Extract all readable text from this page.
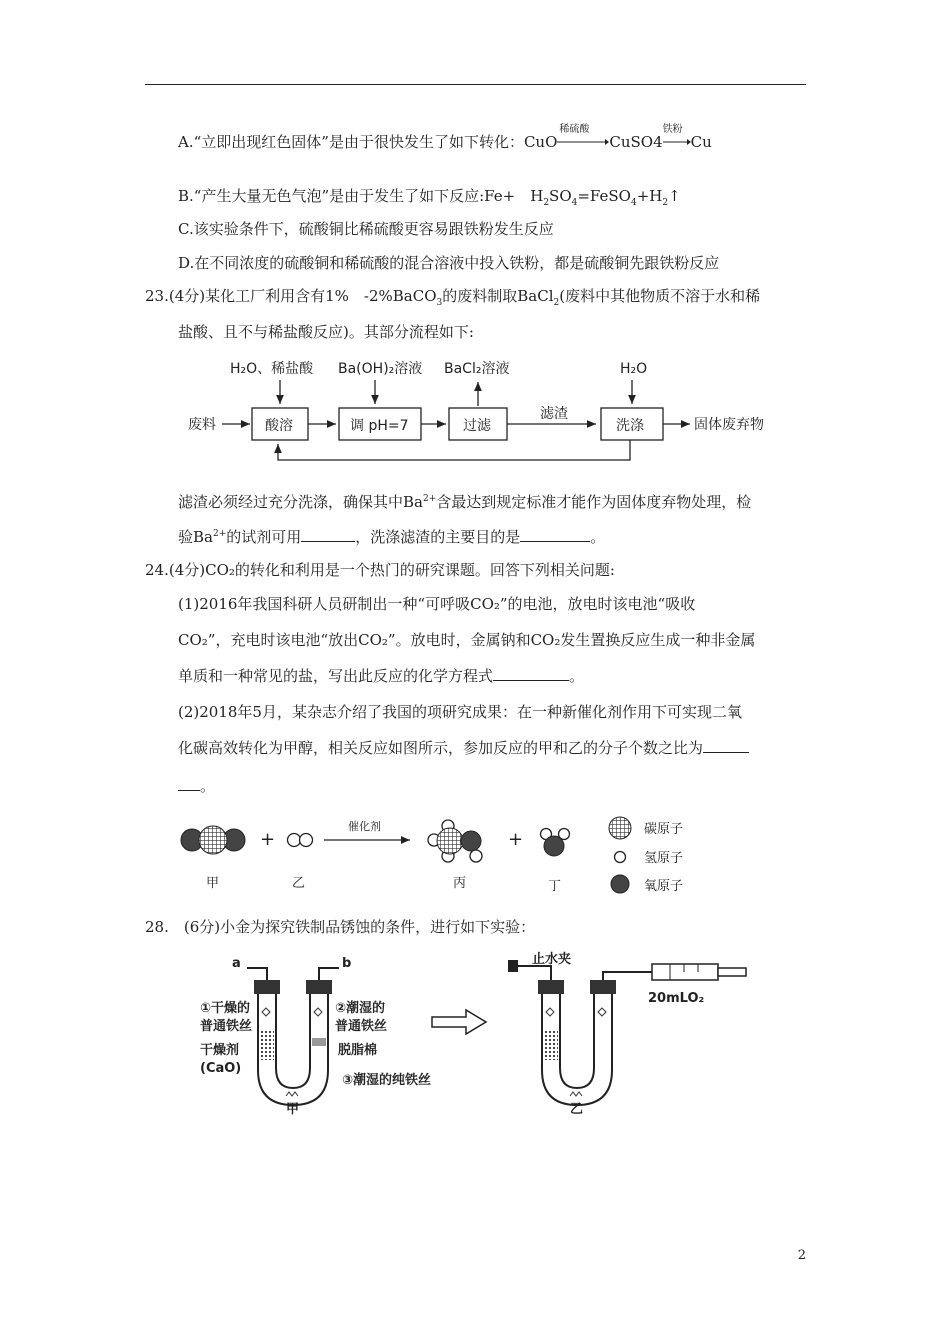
A.“立即出现红色固体”是由于很快发生了如下转化：CuO
稀硫酸
CuSO4
铁粉
Cu
B.“产生大量无色气泡”是由于发生了如下反应:Fe+　$H_2SO_4=FeSO_4+H_2↑$
C.该实验条件下，硫酸铜比稀硫酸更容易跟铁粉发生反应
D.在不同浓度的硫酸铜和稀硫酸的混合溶液中投入铁粉，都是硫酸铜先跟铁粉反应
23.(4分)某化工厂利用含有1%　-2%BaCO$_3$的废料制取BaCl$_2$(废料中其他物质不溶于水和稀
盐酸、且不与稀盐酸反应)。其部分流程如下:
废料
H₂O、稀盐酸
酸溶
Ba(OH)₂溶液
调 pH=7	过滤
BaCl₂溶液
滤渣
H₂O
洗涤	固体废弃物
滤渣必须经过充分洗涤，确保其中$Ba^{2+}$含最达到规定标准才能作为固体度弃物处理，检
验$Ba^{2+}$的试剂可用	，洗涤滤渣的主要目的是	。
24.(4分)CO₂的转化和利用是一个热门的研究课题。回答下列相关问题:
(1)2016年我国科研人员研制出一种“可呼吸CO₂”的电池，放电时该电池“吸收
CO₂”，充电时该电池“放出CO₂”。放电时，金属钠和CO₂发生置换反应生成一种非金属
单质和一种常见的盐，写出此反应的化学方程式	。
(2)2018年5月，某杂志介绍了我国的项研究成果：在一种新催化剂作用下可实现二氧
化碳高效转化为甲醇，相关反应如图所示，参加反应的甲和乙的分子个数之比为
。
甲
+
乙
催化剂
丙
+
丁
碳原子
氢原子
氧原子
28.　(6分)小金为探究铁制品锈蚀的条件，进行如下实验：
a	b
①干燥的
普通铁丝
②潮湿的
普通铁丝
干燥剂
(CaO)
脱脂棉
③潮湿的纯铁丝
甲
止水夹
20mLO₂
乙
2
